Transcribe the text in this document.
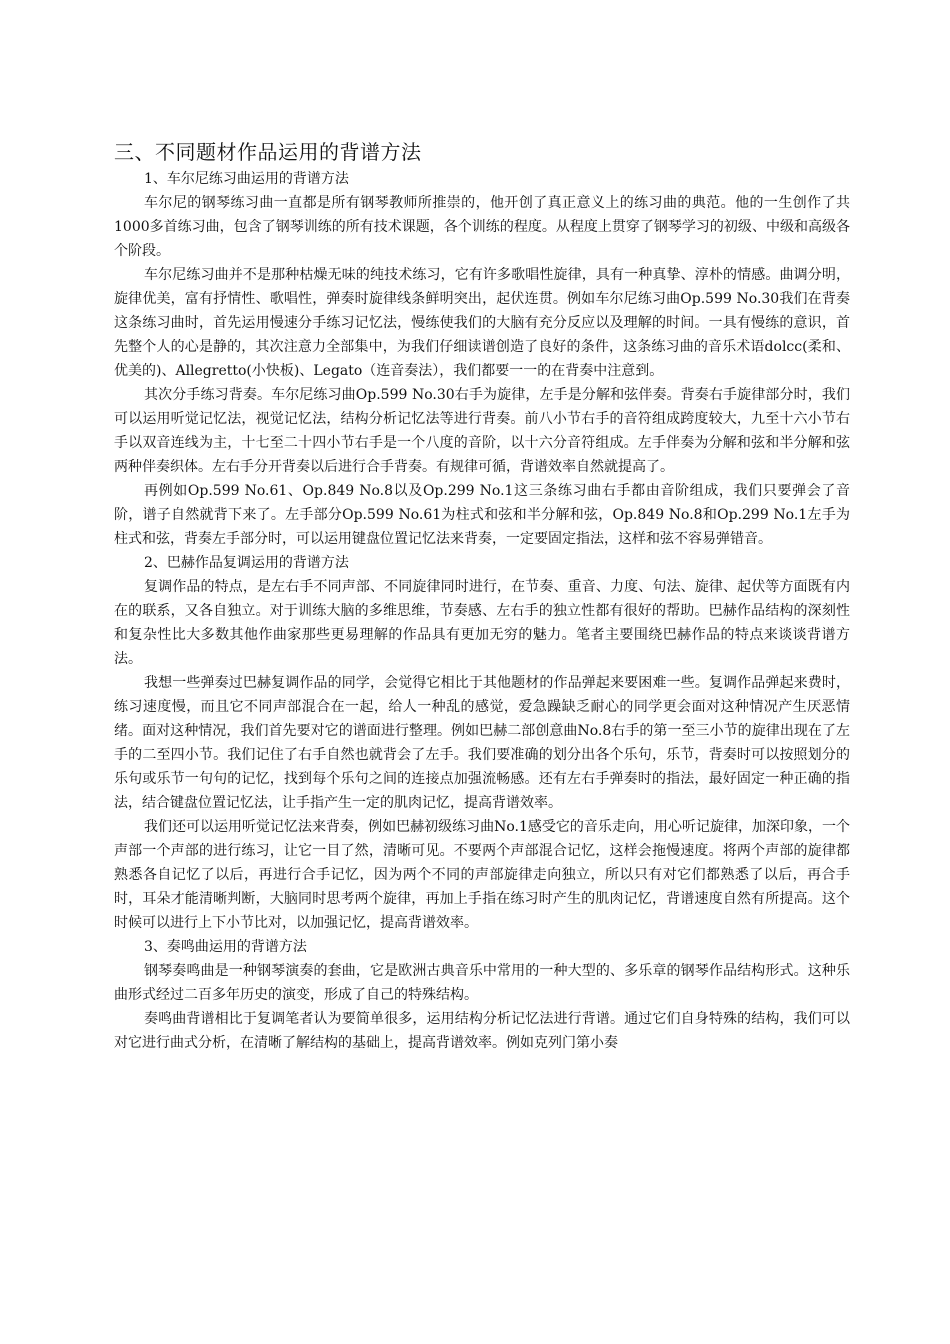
三、不同题材作品运用的背谱方法

1、车尔尼练习曲运用的背谱方法

车尔尼的钢琴练习曲一直都是所有钢琴教师所推崇的，他开创了真正意义上的练习曲的典范。他的一生创作了共1000多首练习曲，包含了钢琴训练的所有技术课题，各个训练的程度。从程度上贯穿了钢琴学习的初级、中级和高级各个阶段。

车尔尼练习曲并不是那种枯燥无味的纯技术练习，它有许多歌唱性旋律，具有一种真挚、淳朴的情感。曲调分明，旋律优美，富有抒情性、歌唱性，弹奏时旋律线条鲜明突出，起伏连贯。例如车尔尼练习曲Op.599 No.30我们在背奏这条练习曲时，首先运用慢速分手练习记忆法，慢练使我们的大脑有充分反应以及理解的时间。一具有慢练的意识，首先整个人的心是静的，其次注意力全部集中，为我们仔细读谱创造了良好的条件，这条练习曲的音乐术语dolcc(柔和、优美的)、Allegretto(小快板)、Legato（连音奏法），我们都要一一的在背奏中注意到。

其次分手练习背奏。车尔尼练习曲Op.599 No.30右手为旋律，左手是分解和弦伴奏。背奏右手旋律部分时，我们可以运用听觉记忆法，视觉记忆法，结构分析记忆法等进行背奏。前八小节右手的音符组成跨度较大，九至十六小节右手以双音连线为主，十七至二十四小节右手是一个八度的音阶，以十六分音符组成。左手伴奏为分解和弦和半分解和弦两种伴奏织体。左右手分开背奏以后进行合手背奏。有规律可循，背谱效率自然就提高了。

再例如Op.599 No.61、Op.849 No.8以及Op.299 No.1这三条练习曲右手都由音阶组成，我们只要弹会了音阶，谱子自然就背下来了。左手部分Op.599 No.61为柱式和弦和半分解和弦，Op.849 No.8和Op.299 No.1左手为柱式和弦，背奏左手部分时，可以运用键盘位置记忆法来背奏，一定要固定指法，这样和弦不容易弹错音。

2、巴赫作品复调运用的背谱方法

复调作品的特点，是左右手不同声部、不同旋律同时进行，在节奏、重音、力度、句法、旋律、起伏等方面既有内在的联系，又各自独立。对于训练大脑的多维思维，节奏感、左右手的独立性都有很好的帮助。巴赫作品结构的深刻性和复杂性比大多数其他作曲家那些更易理解的作品具有更加无穷的魅力。笔者主要围绕巴赫作品的特点来谈谈背谱方法。

我想一些弹奏过巴赫复调作品的同学，会觉得它相比于其他题材的作品弹起来要困难一些。复调作品弹起来费时，练习速度慢，而且它不同声部混合在一起，给人一种乱的感觉，爱急躁缺乏耐心的同学更会面对这种情况产生厌恶情绪。面对这种情况，我们首先要对它的谱面进行整理。例如巴赫二部创意曲No.8右手的第一至三小节的旋律出现在了左手的二至四小节。我们记住了右手自然也就背会了左手。我们要准确的划分出各个乐句，乐节，背奏时可以按照划分的乐句或乐节一句句的记忆，找到每个乐句之间的连接点加强流畅感。还有左右手弹奏时的指法，最好固定一种正确的指法，结合键盘位置记忆法，让手指产生一定的肌肉记忆，提高背谱效率。

我们还可以运用听觉记忆法来背奏，例如巴赫初级练习曲No.1感受它的音乐走向，用心听记旋律，加深印象，一个声部一个声部的进行练习，让它一目了然，清晰可见。不要两个声部混合记忆，这样会拖慢速度。将两个声部的旋律都熟悉各自记忆了以后，再进行合手记忆，因为两个不同的声部旋律走向独立，所以只有对它们都熟悉了以后，再合手时，耳朵才能清晰判断，大脑同时思考两个旋律，再加上手指在练习时产生的肌肉记忆，背谱速度自然有所提高。这个时候可以进行上下小节比对，以加强记忆，提高背谱效率。

3、奏鸣曲运用的背谱方法

钢琴奏鸣曲是一种钢琴演奏的套曲，它是欧洲古典音乐中常用的一种大型的、多乐章的钢琴作品结构形式。这种乐曲形式经过二百多年历史的演变，形成了自己的特殊结构。

奏鸣曲背谱相比于复调笔者认为要简单很多，运用结构分析记忆法进行背谱。通过它们自身特殊的结构，我们可以对它进行曲式分析，在清晰了解结构的基础上，提高背谱效率。例如克列门第小奏
